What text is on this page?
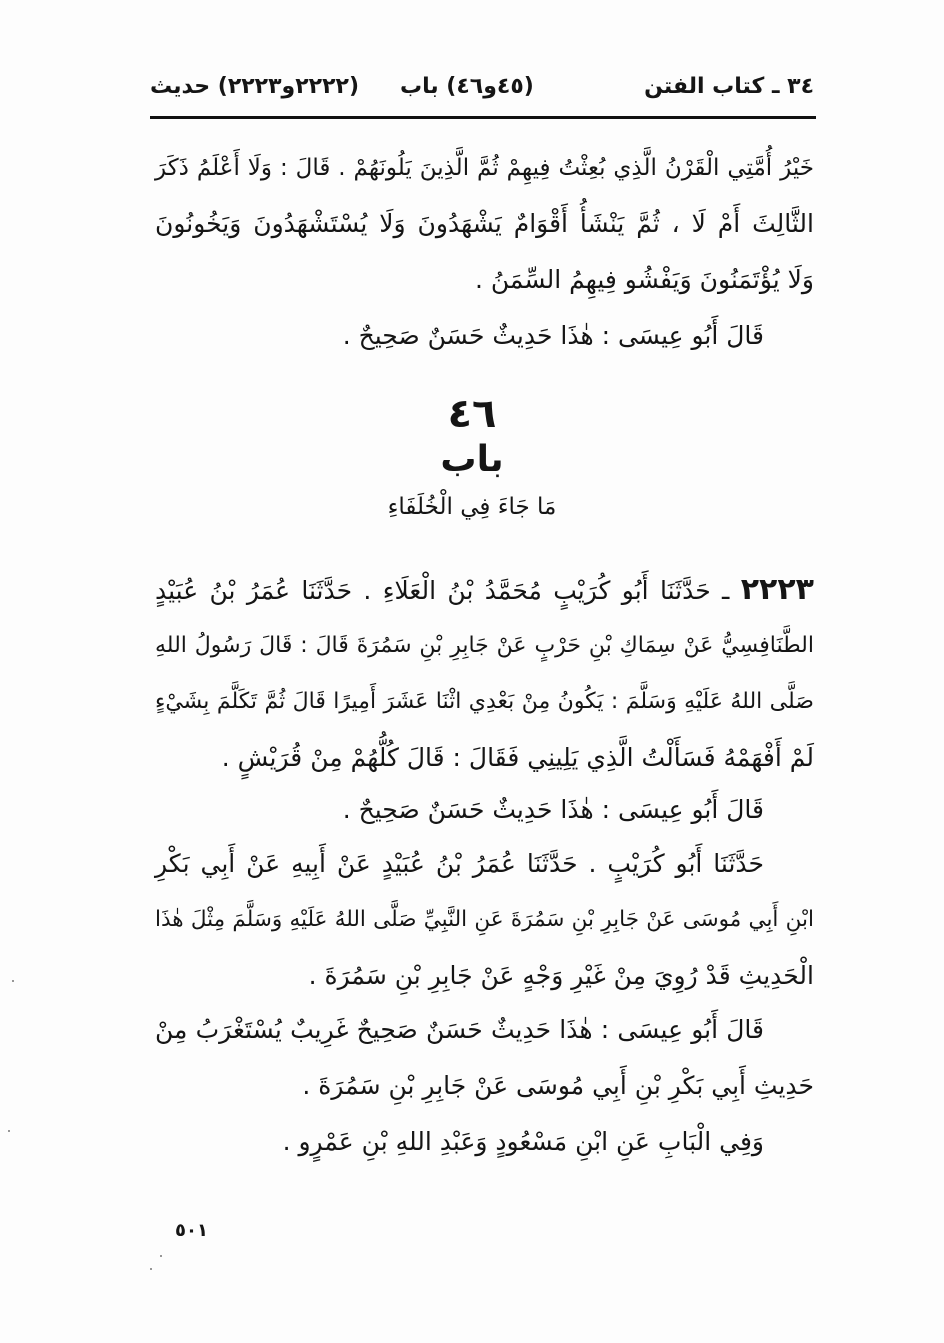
٣٤ ـ كتاب الفتن
(٤٥و٤٦) باب
(٢٢٢٢و٢٢٢٣) حديث
خَيْرُ أُمَّتِي الْقَرْنُ الَّذِي بُعِثْتُ فِيهِمْ ثُمَّ الَّذِينَ يَلُونَهُمْ . قَالَ : وَلَا أَعْلَمُ ذَكَرَ
الثَّالِثَ أَمْ لَا ، ثُمَّ يَنْشَأُ أَقْوَامٌ يَشْهَدُونَ وَلَا يُسْتَشْهَدُونَ وَيَخُونُونَ
وَلَا يُؤْتَمَنُونَ وَيَفْشُو فِيهِمُ السِّمَنُ .
قَالَ أَبُو عِيسَى : هٰذَا حَدِيثٌ حَسَنٌ صَحِيحٌ .
٤٦
باب
مَا جَاءَ فِي الْخُلَفَاءِ
٢٢٢٣ ـ حَدَّثَنَا أَبُو كُرَيْبٍ مُحَمَّدُ بْنُ الْعَلَاءِ . حَدَّثَنَا عُمَرُ بْنُ عُبَيْدٍ
الطَّنَافِسِيُّ عَنْ سِمَاكِ بْنِ حَرْبٍ عَنْ جَابِرِ بْنِ سَمُرَةَ قَالَ : قَالَ رَسُولُ اللهِ
صَلَّى اللهُ عَلَيْهِ وَسَلَّمَ : يَكُونُ مِنْ بَعْدِي اثْنَا عَشَرَ أَمِيرًا قَالَ ثُمَّ تَكَلَّمَ بِشَيْءٍ
لَمْ أَفْهَمْهُ فَسَأَلْتُ الَّذِي يَلِينِي فَقَالَ : قَالَ كُلُّهُمْ مِنْ قُرَيْشٍ .
قَالَ أَبُو عِيسَى : هٰذَا حَدِيثٌ حَسَنٌ صَحِيحٌ .
حَدَّثَنَا أَبُو كُرَيْبٍ . حَدَّثَنَا عُمَرُ بْنُ عُبَيْدٍ عَنْ أَبِيهِ عَنْ أَبِي بَكْرِ
ابْنِ أَبِي مُوسَى عَنْ جَابِرِ بْنِ سَمُرَةَ عَنِ النَّبِيِّ صَلَّى اللهُ عَلَيْهِ وَسَلَّمَ مِثْلَ هٰذَا
الْحَدِيثِ قَدْ رُوِيَ مِنْ غَيْرِ وَجْهٍ عَنْ جَابِرِ بْنِ سَمُرَةَ .
قَالَ أَبُو عِيسَى : هٰذَا حَدِيثٌ حَسَنٌ صَحِيحٌ غَرِيبٌ يُسْتَغْرَبُ مِنْ
حَدِيثِ أَبِي بَكْرِ بْنِ أَبِي مُوسَى عَنْ جَابِرِ بْنِ سَمُرَةَ .
وَفِي الْبَابِ عَنِ ابْنِ مَسْعُودٍ وَعَبْدِ اللهِ بْنِ عَمْرٍو .
٥٠١
